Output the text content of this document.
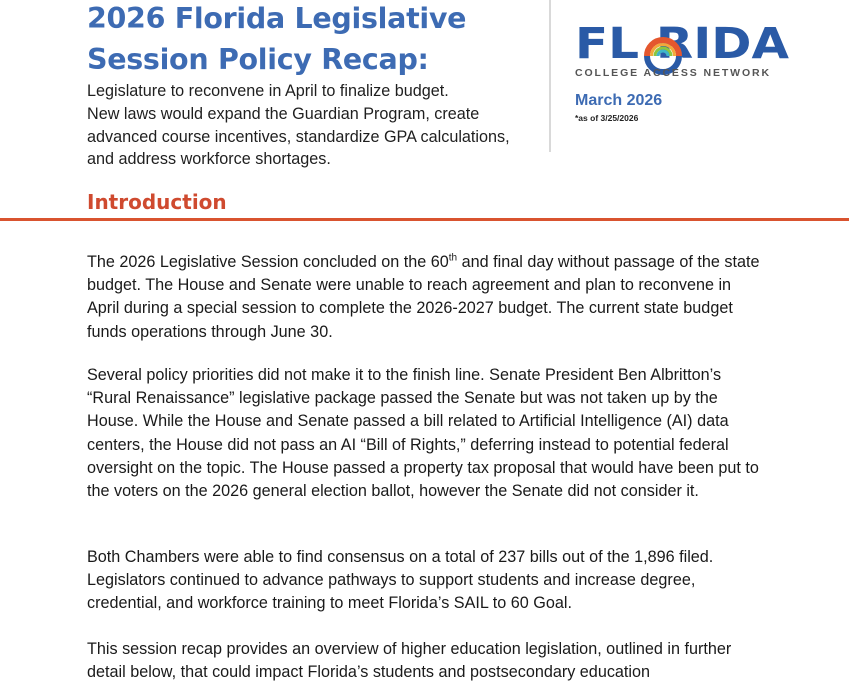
2026 Florida Legislative
Session Policy Recap:

Legislature to reconvene in April to finalize budget.
New laws would expand the Guardian Program, create
advanced course incentives, standardize GPA calculations,
and address workforce shortages.

FL RIDA
COLLEGE ACCESS NETWORK
March 2026
*as of 3/25/2026
Introduction

The 2026 Legislative Session concluded on the 60th and final day without passage of the state budget. The House and Senate were unable to reach agreement and plan to reconvene in April during a special session to complete the 2026-2027 budget. The current state budget funds operations through June 30.

Several policy priorities did not make it to the finish line. Senate President Ben Albritton’s “Rural Renaissance” legislative package passed the Senate but was not taken up by the House. While the House and Senate passed a bill related to Artificial Intelligence (AI) data centers, the House did not pass an AI “Bill of Rights,” deferring instead to potential federal oversight on the topic. The House passed a property tax proposal that would have been put to the voters on the 2026 general election ballot, however the Senate did not consider it.

Both Chambers were able to find consensus on a total of 237 bills out of the 1,896 filed. Legislators continued to advance pathways to support students and increase degree, credential, and workforce training to meet Florida’s SAIL to 60 Goal.

This session recap provides an overview of higher education legislation, outlined in further detail below, that could impact Florida’s students and postsecondary education
